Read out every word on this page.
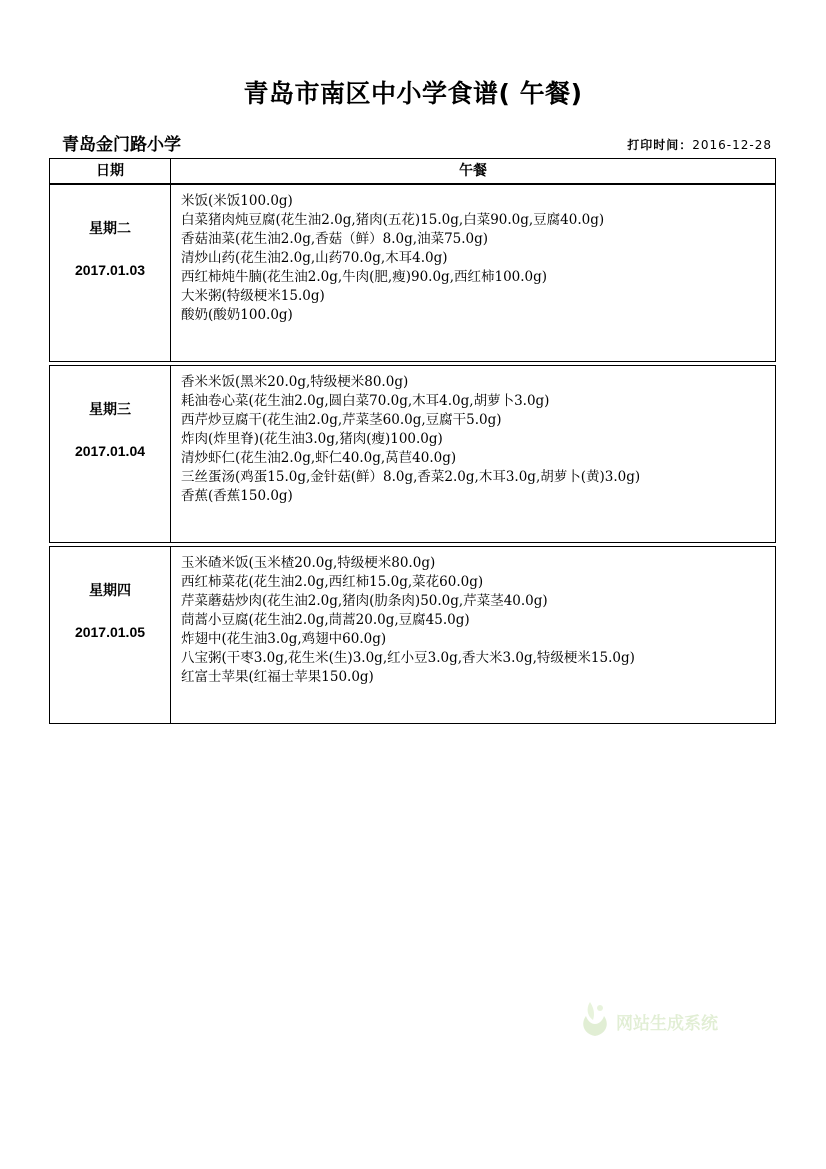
青岛市南区中小学食谱( 午餐)
青岛金门路小学	打印时间：2016-12-28
日期	午餐
星期二
2017.01.03
米饭(米饭100.0g)
白菜猪肉炖豆腐(花生油2.0g,猪肉(五花)15.0g,白菜90.0g,豆腐40.0g)
香菇油菜(花生油2.0g,香菇（鲜）8.0g,油菜75.0g)
清炒山药(花生油2.0g,山药70.0g,木耳4.0g)
西红柿炖牛腩(花生油2.0g,牛肉(肥,瘦)90.0g,西红柿100.0g)
大米粥(特级梗米15.0g)
酸奶(酸奶100.0g)
星期三
2017.01.04
香米米饭(黑米20.0g,特级梗米80.0g)
耗油卷心菜(花生油2.0g,圆白菜70.0g,木耳4.0g,胡萝卜3.0g)
西芹炒豆腐干(花生油2.0g,芹菜茎60.0g,豆腐干5.0g)
炸肉(炸里脊)(花生油3.0g,猪肉(瘦)100.0g)
清炒虾仁(花生油2.0g,虾仁40.0g,莴苣40.0g)
三丝蛋汤(鸡蛋15.0g,金针菇(鲜）8.0g,香菜2.0g,木耳3.0g,胡萝卜(黄)3.0g)
香蕉(香蕉150.0g)
星期四
2017.01.05
玉米碴米饭(玉米楂20.0g,特级梗米80.0g)
西红柿菜花(花生油2.0g,西红柿15.0g,菜花60.0g)
芹菜蘑菇炒肉(花生油2.0g,猪肉(肋条肉)50.0g,芹菜茎40.0g)
茼蒿小豆腐(花生油2.0g,茼蒿20.0g,豆腐45.0g)
炸翅中(花生油3.0g,鸡翅中60.0g)
八宝粥(干枣3.0g,花生米(生)3.0g,红小豆3.0g,香大米3.0g,特级梗米15.0g)
红富士苹果(红福士苹果150.0g)
网站生成系统
